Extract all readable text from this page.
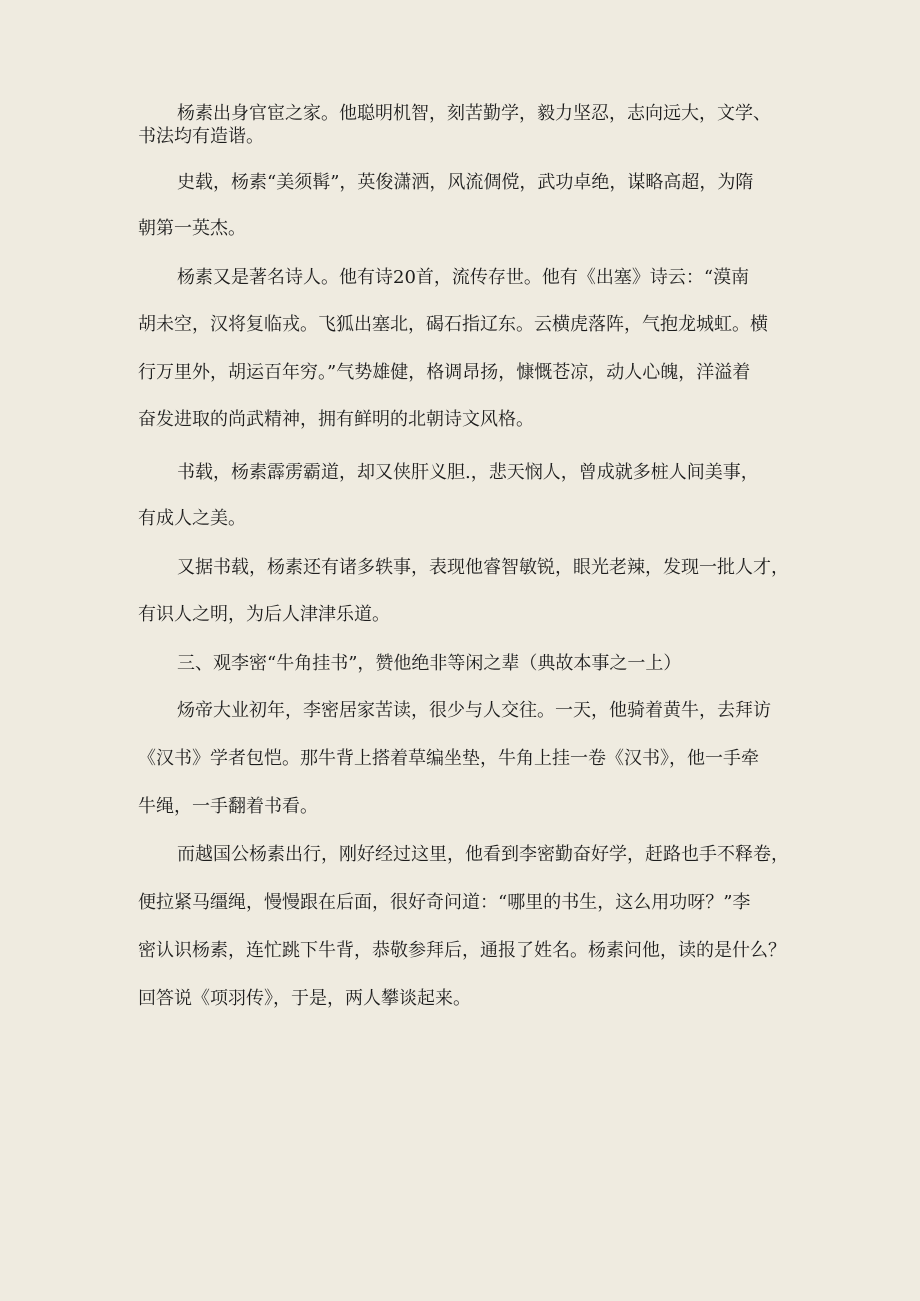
杨素出身官宦之家。他聪明机智，刻苦勤学，毅力坚忍，志向远大，文学、
书法均有造谐。
史载，杨素“美须髯”，英俊潇洒，风流倜傥，武功卓绝，谋略高超，为隋
朝第一英杰。
杨素又是著名诗人。他有诗20首，流传存世。他有《出塞》诗云：“漠南
胡未空，汉将复临戎。飞狐出塞北，碣石指辽东。云横虎落阵，气抱龙城虹。横
行万里外，胡运百年穷。”气势雄健，格调昂扬，慷慨苍凉，动人心魄，洋溢着
奋发进取的尚武精神，拥有鲜明的北朝诗文风格。
书载，杨素霹雳霸道，却又侠肝义胆.，悲天悯人，曾成就多桩人间美事，
有成人之美。
又据书载，杨素还有诸多轶事，表现他睿智敏锐，眼光老辣，发现一批人才，
有识人之明，为后人津津乐道。
三、观李密“牛角挂书”，赞他绝非等闲之辈（典故本事之一上）
炀帝大业初年，李密居家苦读，很少与人交往。一天，他骑着黄牛，去拜访
《汉书》学者包恺。那牛背上搭着草编坐垫，牛角上挂一卷《汉书》，他一手牵
牛绳，一手翻着书看。
而越国公杨素出行，刚好经过这里，他看到李密勤奋好学，赶路也手不释卷，
便拉紧马缰绳，慢慢跟在后面，很好奇问道：“哪里的书生，这么用功呀？”李
密认识杨素，连忙跳下牛背，恭敬参拜后，通报了姓名。杨素问他，读的是什么？
回答说《项羽传》，于是，两人攀谈起来。
